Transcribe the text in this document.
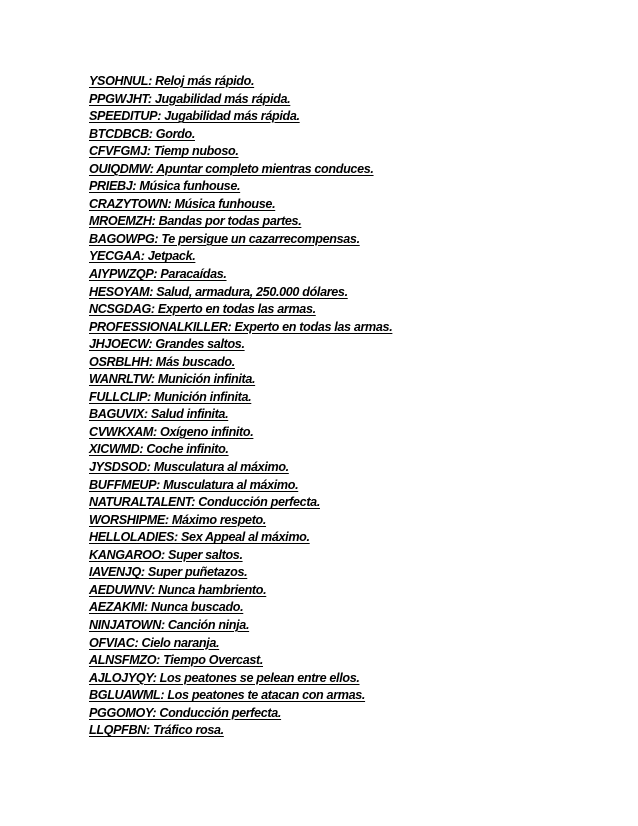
YSOHNUL: Reloj más rápido.
PPGWJHT: Jugabilidad más rápida.
SPEEDITUP: Jugabilidad más rápida.
BTCDBCB: Gordo.
CFVFGMJ: Tiemp nuboso.
OUIQDMW: Apuntar completo mientras conduces.
PRIEBJ: Música funhouse.
CRAZYTOWN: Música funhouse.
MROEMZH: Bandas por todas partes.
BAGOWPG: Te persigue un cazarrecompensas.
YECGAA: Jetpack.
AIYPWZQP: Paracaídas.
HESOYAM: Salud, armadura, 250.000 dólares.
NCSGDAG: Experto en todas las armas.
PROFESSIONALKILLER: Experto en todas las armas.
JHJOECW: Grandes saltos.
OSRBLHH: Más buscado.
WANRLTW: Munición infinita.
FULLCLIP: Munición infinita.
BAGUVIX: Salud infinita.
CVWKXAM: Oxígeno infinito.
XICWMD: Coche infinito.
JYSDSOD: Musculatura al máximo.
BUFFMEUP: Musculatura al máximo.
NATURALTALENT: Conducción perfecta.
WORSHIPME: Máximo respeto.
HELLOLADIES: Sex Appeal al máximo.
KANGAROO: Super saltos.
IAVENJQ: Super puñetazos.
AEDUWNV: Nunca hambriento.
AEZAKMI: Nunca buscado.
NINJATOWN: Canción ninja.
OFVIAC: Cielo naranja.
ALNSFMZO: Tiempo Overcast.
AJLOJYQY: Los peatones se pelean entre ellos.
BGLUAWML: Los peatones te atacan con armas.
PGGOMOY: Conducción perfecta.
LLQPFBN: Tráfico rosa.
